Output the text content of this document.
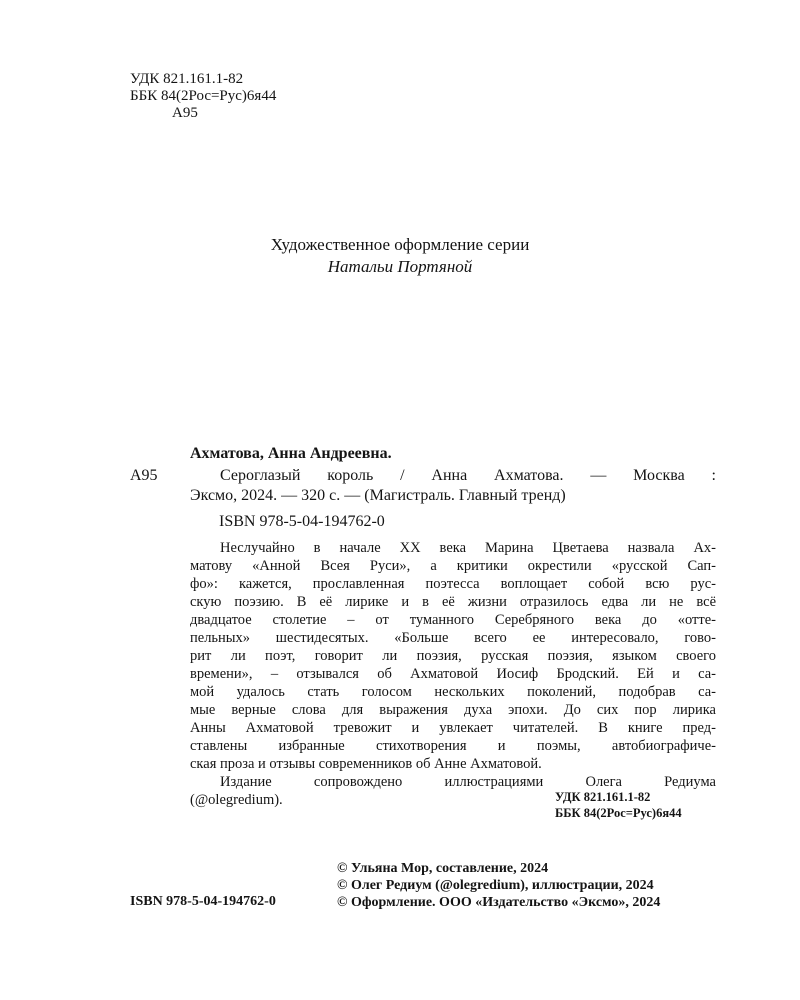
УДК 821.161.1-82
ББК 84(2Рос=Рус)6я44
А95
Художественное оформление серии
Натальи Портяной
Ахматова, Анна Андреевна.
А95	Сероглазый король / Анна Ахматова. — Москва :
Эксмо, 2024. — 320 с. — (Магистраль. Главный тренд)
ISBN 978-5-04-194762-0
Неслучайно в начале ХХ века Марина Цветаева назвала Ах-
матову «Анной Всея Руси», а критики окрестили «русской Сап-
фо»: кажется, прославленная поэтесса воплощает собой всю рус-
скую поэзию. В её лирике и в её жизни отразилось едва ли не всё
двадцатое столетие – от туманного Серебряного века до «отте-
пельных» шестидесятых. «Больше всего ее интересовало, гово-
рит ли поэт, говорит ли поэзия, русская поэзия, языком своего
времени», – отзывался об Ахматовой Иосиф Бродский. Ей и са-
мой удалось стать голосом нескольких поколений, подобрав са-
мые верные слова для выражения духа эпохи. До сих пор лирика
Анны Ахматовой тревожит и увлекает читателей. В книге пред-
ставлены избранные стихотворения и поэмы, автобиографиче-
ская проза и отзывы современников об Анне Ахматовой.
Издание сопровождено иллюстрациями Олега Редиума
(@olegredium).	УДК 821.161.1-82
ББК 84(2Рос=Рус)6я44
© Ульяна Мор, составление, 2024
© Олег Редиум (@olegredium), иллюстрации, 2024
© Оформление. ООО «Издательство «Эксмо», 2024
ISBN 978-5-04-194762-0
